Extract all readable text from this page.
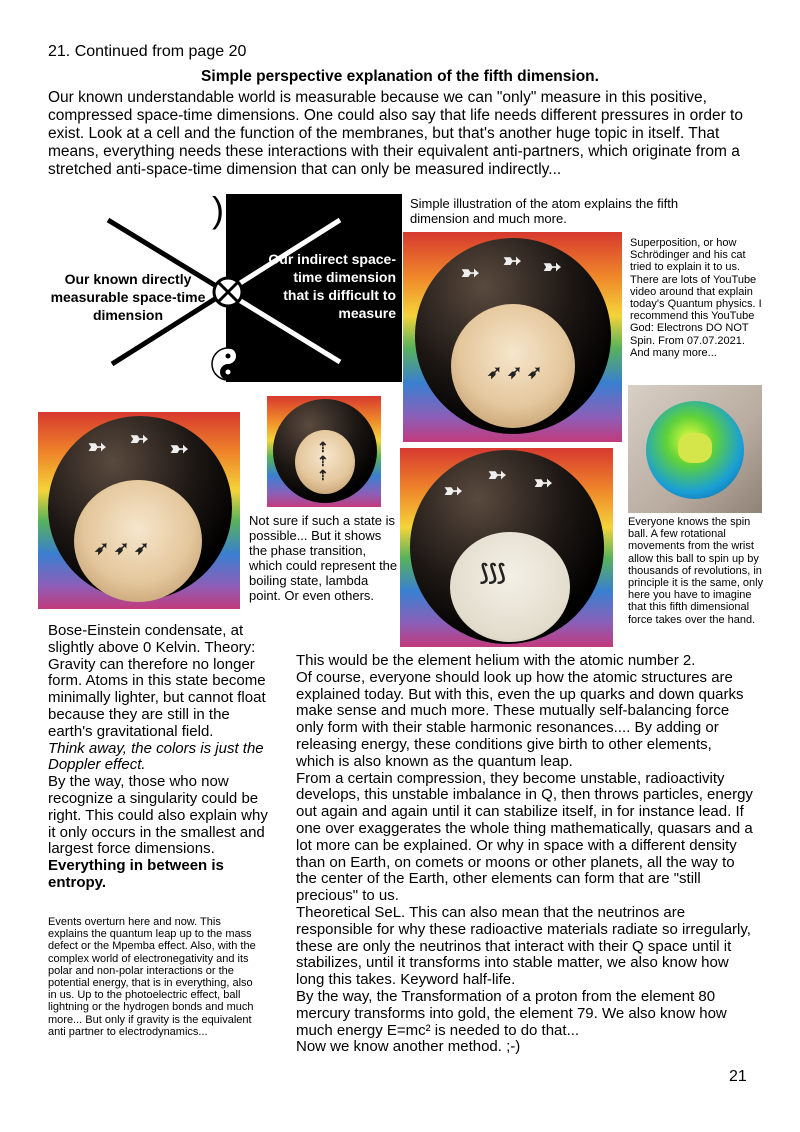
21. Continued from page 20
Simple perspective explanation of the fifth dimension.

Our known understandable world is measurable because we can "only" measure in this positive, compressed space-time dimensions. One could also say that life needs different pressures in order to exist. Look at a cell and the function of the membranes, but that's another huge topic in itself. That means, everything needs these interactions with their equivalent anti-partners, which originate from a stretched anti-space-time dimension that can only be measured indirectly...

)(
Our known directly measurable space-time dimension
Our indirect space-time dimension that is difficult to measure

Simple illustration of the atom explains the fifth dimension and much more.

➳ ➳ ➳
➶ ➶ ➶

Superposition, or how Schrödinger and his cat tried to explain it to us. There are lots of YouTube video around that explain today's Quantum physics. I recommend this YouTube God: Electrons DO NOT Spin. From 07.07.2021. And many more...

➳ ➳ ➳
➶ ➶ ➶
⇡
⇡
⇡

Not sure if such a state is possible... But it shows the phase transition, which could represent the boiling state, lambda point. Or even others.

➳
➳ ➳
⟆⟆⟆

Everyone knows the spin ball. A few rotational movements from the wrist allow this ball to spin up by thousands of revolutions, in principle it is the same, only here you have to imagine that this fifth dimensional force takes over the hand.

Bose-Einstein condensate, at slightly above 0 Kelvin. Theory: Gravity can therefore no longer form. Atoms in this state become minimally lighter, but cannot float because they are still in the earth's gravitational field.

Think away, the colors is just the Doppler effect.

By the way, those who now recognize a singularity could be right. This could also explain why it only occurs in the smallest and largest force dimensions.

Everything in between is entropy.

Events overturn here and now. This explains the quantum leap up to the mass defect or the Mpemba effect. Also, with the complex world of electronegativity and its polar and non-polar interactions or the potential energy, that is in everything, also in us. Up to the photoelectric effect, ball lightning or the hydrogen bonds and much more... But only if gravity is the equivalent anti partner to electrodynamics...

This would be the element helium with the atomic number 2.
Of course, everyone should look up how the atomic structures are explained today. But with this, even the up quarks and down quarks make sense and much more. These mutually self-balancing force only form with their stable harmonic resonances.... By adding or releasing energy, these conditions give birth to other elements, which is also known as the quantum leap.
From a certain compression, they become unstable, radioactivity develops, this unstable imbalance in Q, then throws particles, energy out again and again until it can stabilize itself, in for instance lead. If one over exaggerates the whole thing mathematically, quasars and a lot more can be explained. Or why in space with a different density than on Earth, on comets or moons or other planets, all the way to the center of the Earth, other elements can form that are "still precious" to us.
Theoretical SeL. This can also mean that the neutrinos are responsible for why these radioactive materials radiate so irregularly, these are only the neutrinos that interact with their Q space until it stabilizes, until it transforms into stable matter, we also know how long this takes. Keyword half-life.
By the way, the Transformation of a proton from the element 80 mercury transforms into gold, the element 79. We also know how much energy E=mc² is needed to do that...
Now we know another method. ;-)

21
